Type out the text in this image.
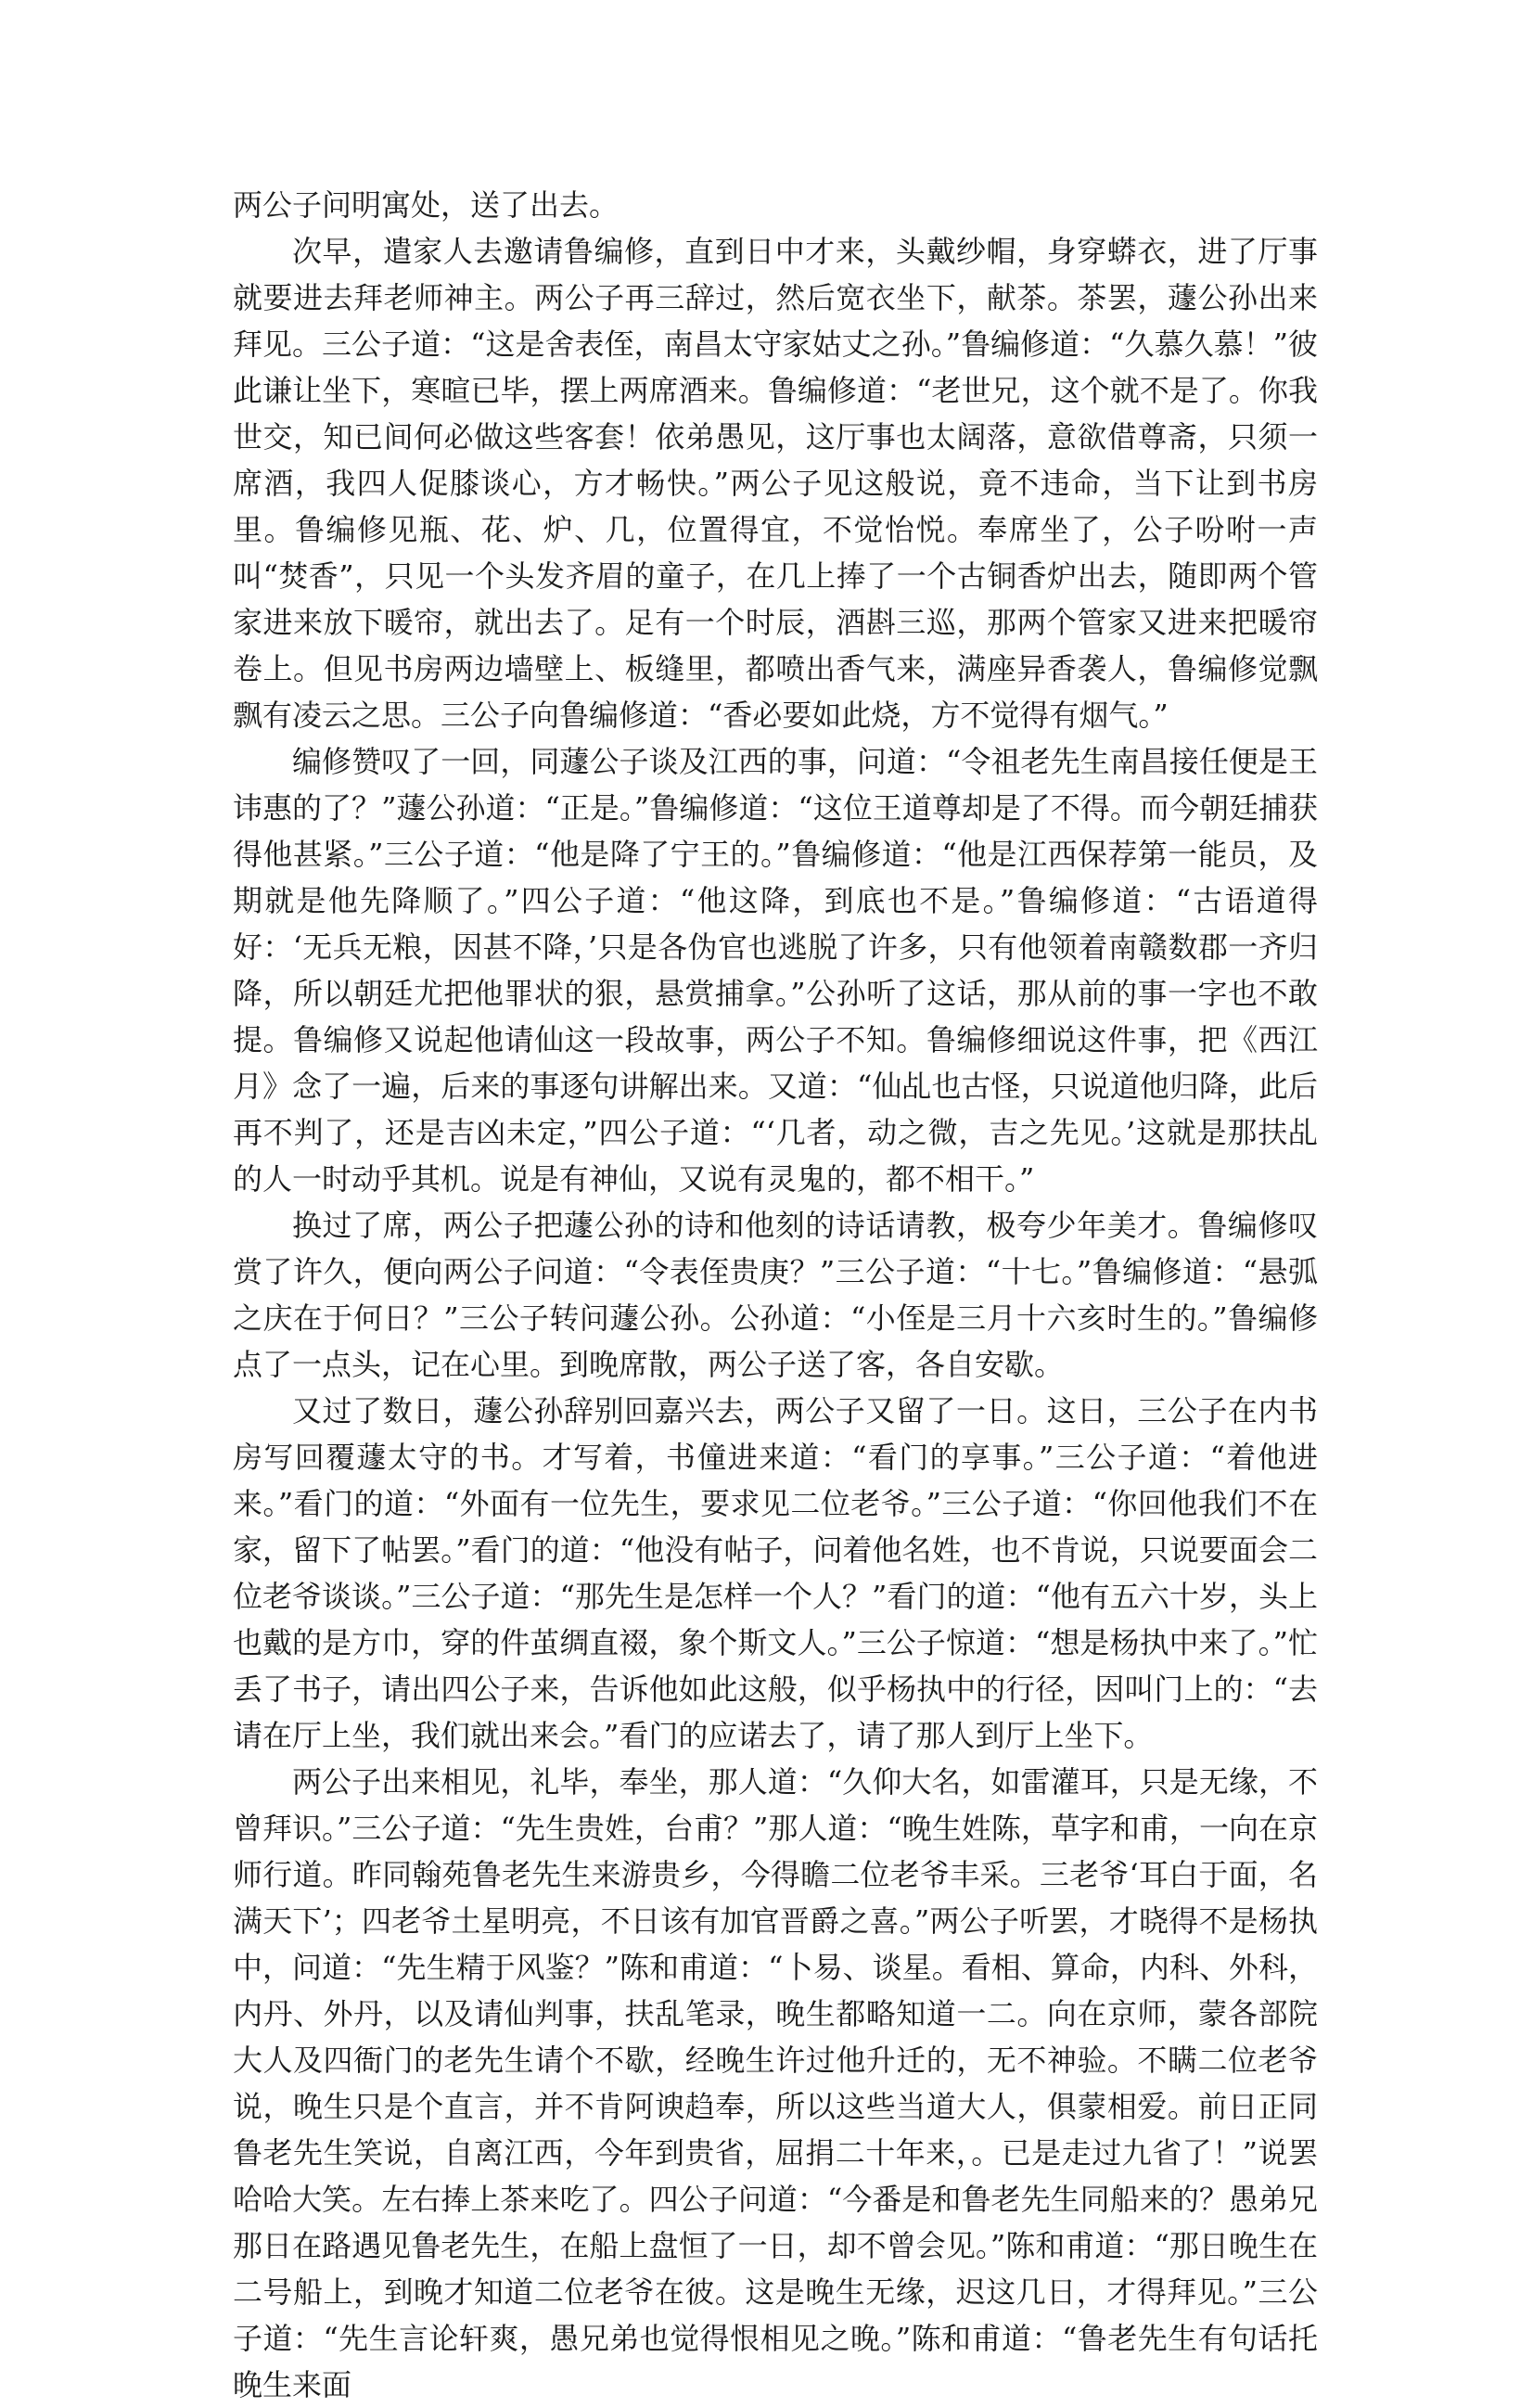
两公子问明寓处，送了出去。

次早，遣家人去邀请鲁编修，直到日中才来，头戴纱帽，身穿蟒衣，进了厅事就要进去拜老师神主。两公子再三辞过，然后宽衣坐下，献茶。茶罢，蘧公孙出来拜见。三公子道：“这是舍表侄，南昌太守家姑丈之孙。”鲁编修道：“久慕久慕！”彼此谦让坐下，寒暄已毕，摆上两席酒来。鲁编修道：“老世兄，这个就不是了。你我世交，知已间何必做这些客套！依弟愚见，这厅事也太阔落，意欲借尊斋，只须一席酒，我四人促膝谈心，方才畅快。”两公子见这般说，竟不违命，当下让到书房里。鲁编修见瓶、花、炉、几，位置得宜，不觉怡悦。奉席坐了，公子吩咐一声叫“焚香”，只见一个头发齐眉的童子，在几上捧了一个古铜香炉出去，随即两个管家进来放下暖帘，就出去了。足有一个时辰，酒斟三巡，那两个管家又进来把暖帘卷上。但见书房两边墙壁上、板缝里，都喷出香气来，满座异香袭人，鲁编修觉飘飘有凌云之思。三公子向鲁编修道：“香必要如此烧，方不觉得有烟气。”

编修赞叹了一回，同蘧公子谈及江西的事，问道：“令祖老先生南昌接任便是王讳惠的了？”蘧公孙道：“正是。”鲁编修道：“这位王道尊却是了不得。而今朝廷捕获得他甚紧。”三公子道：“他是降了宁王的。”鲁编修道：“他是江西保荐第一能员，及期就是他先降顺了。”四公子道：“他这降，到底也不是。”鲁编修道：“古语道得好：‘无兵无粮，因甚不降，’只是各伪官也逃脱了许多，只有他领着南赣数郡一齐归降，所以朝廷尤把他罪状的狠，悬赏捕拿。”公孙听了这话，那从前的事一字也不敢提。鲁编修又说起他请仙这一段故事，两公子不知。鲁编修细说这件事，把《西江月》念了一遍，后来的事逐句讲解出来。又道：“仙乩也古怪，只说道他归降，此后再不判了，还是吉凶未定，”四公子道：“‘几者，动之微，吉之先见。’这就是那扶乩的人一时动乎其机。说是有神仙，又说有灵鬼的，都不相干。”

换过了席，两公子把蘧公孙的诗和他刻的诗话请教，极夸少年美才。鲁编修叹赏了许久，便向两公子问道：“令表侄贵庚？”三公子道：“十七。”鲁编修道：“悬弧之庆在于何日？”三公子转问蘧公孙。公孙道：“小侄是三月十六亥时生的。”鲁编修点了一点头，记在心里。到晚席散，两公子送了客，各自安歇。

又过了数日，蘧公孙辞别回嘉兴去，两公子又留了一日。这日，三公子在内书房写回覆蘧太守的书。才写着，书僮进来道：“看门的享事。”三公子道：“着他进来。”看门的道：“外面有一位先生，要求见二位老爷。”三公子道：“你回他我们不在家，留下了帖罢。”看门的道：“他没有帖子，问着他名姓，也不肯说，只说要面会二位老爷谈谈。”三公子道：“那先生是怎样一个人？”看门的道：“他有五六十岁，头上也戴的是方巾，穿的件茧绸直裰，象个斯文人。”三公子惊道：“想是杨执中来了。”忙丢了书子，请出四公子来，告诉他如此这般，似乎杨执中的行径，因叫门上的：“去请在厅上坐，我们就出来会。”看门的应诺去了，请了那人到厅上坐下。

两公子出来相见，礼毕，奉坐，那人道：“久仰大名，如雷灌耳，只是无缘，不曾拜识。”三公子道：“先生贵姓，台甫？”那人道：“晚生姓陈，草字和甫，一向在京师行道。昨同翰苑鲁老先生来游贵乡，今得瞻二位老爷丰采。三老爷‘耳白于面，名满天下’；四老爷土星明亮，不日该有加官晋爵之喜。”两公子听罢，才晓得不是杨执中，问道：“先生精于风鉴？”陈和甫道：“卜易、谈星。看相、算命，内科、外科，内丹、外丹，以及请仙判事，扶乱笔录，晚生都略知道一二。向在京师，蒙各部院大人及四衙门的老先生请个不歇，经晚生许过他升迁的，无不神验。不瞒二位老爷说，晚生只是个直言，并不肯阿谀趋奉，所以这些当道大人，俱蒙相爱。前日正同鲁老先生笑说，自离江西，今年到贵省，屈捐二十年来，。已是走过九省了！”说罢哈哈大笑。左右捧上茶来吃了。四公子问道：“今番是和鲁老先生同船来的？愚弟兄那日在路遇见鲁老先生，在船上盘恒了一日，却不曾会见。”陈和甫道：“那日晚生在二号船上，到晚才知道二位老爷在彼。这是晚生无缘，迟这几日，才得拜见。”三公子道：“先生言论轩爽，愚兄弟也觉得恨相见之晚。”陈和甫道：“鲁老先生有句话托晚生来面
